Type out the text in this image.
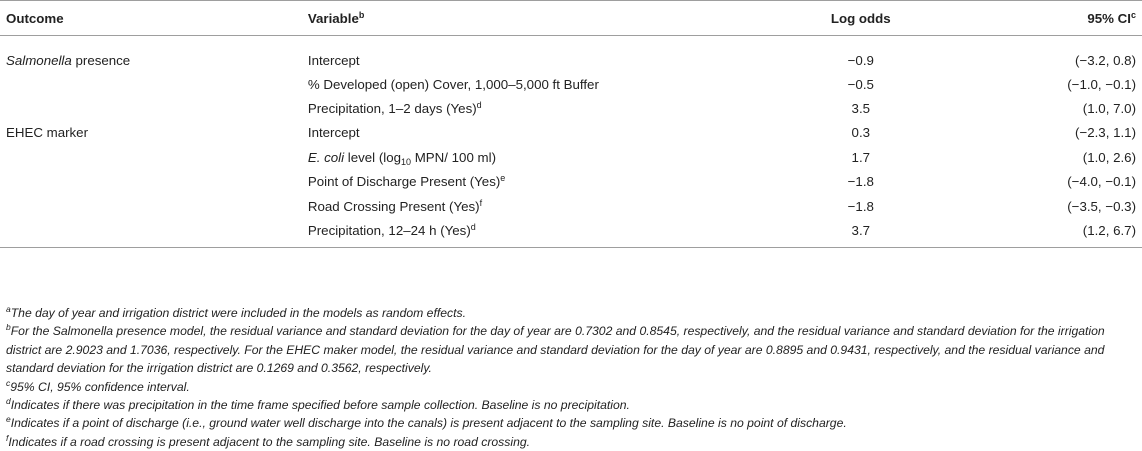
Outcome	Variable$^b$	Log odds	95% $CI^c$
Salmonella presence	Intercept	−0.9	(−3.2, 0.8)
	% Developed (open) Cover, 1,000–5,000 ft Buffer	−0.5	(−1.0, −0.1)
	Precipitation, 1–2 days (Yes)$^d$	3.5	(1.0, 7.0)
EHEC marker	Intercept	0.3	(−2.3, 1.1)
	E. coli level ($\log_{10}$ MPN/ 100 ml)	1.7	(1.0, 2.6)
	Point of Discharge Present (Yes)$^e$	−1.8	(−4.0, −0.1)
	Road Crossing Present (Yes)$^f$	−1.8	(−3.5, −0.3)
	Precipitation, 12–24 h (Yes)$^d$	3.7	(1.2, 6.7)

$^a$The day of year and irrigation district were included in the models as random effects.

$^b$For the Salmonella presence model, the residual variance and standard deviation for the day of year are 0.7302 and 0.8545, respectively, and the residual variance and standard deviation for the irrigation district are 2.9023 and 1.7036, respectively. For the EHEC maker model, the residual variance and standard deviation for the day of year are 0.8895 and 0.9431, respectively, and the residual variance and standard deviation for the irrigation district are 0.1269 and 0.3562, respectively.

$^c$95% CI, 95% confidence interval.

$^d$Indicates if there was precipitation in the time frame specified before sample collection. Baseline is no precipitation.

$^e$Indicates if a point of discharge (i.e., ground water well discharge into the canals) is present adjacent to the sampling site. Baseline is no point of discharge.

$^f$Indicates if a road crossing is present adjacent to the sampling site. Baseline is no road crossing.
